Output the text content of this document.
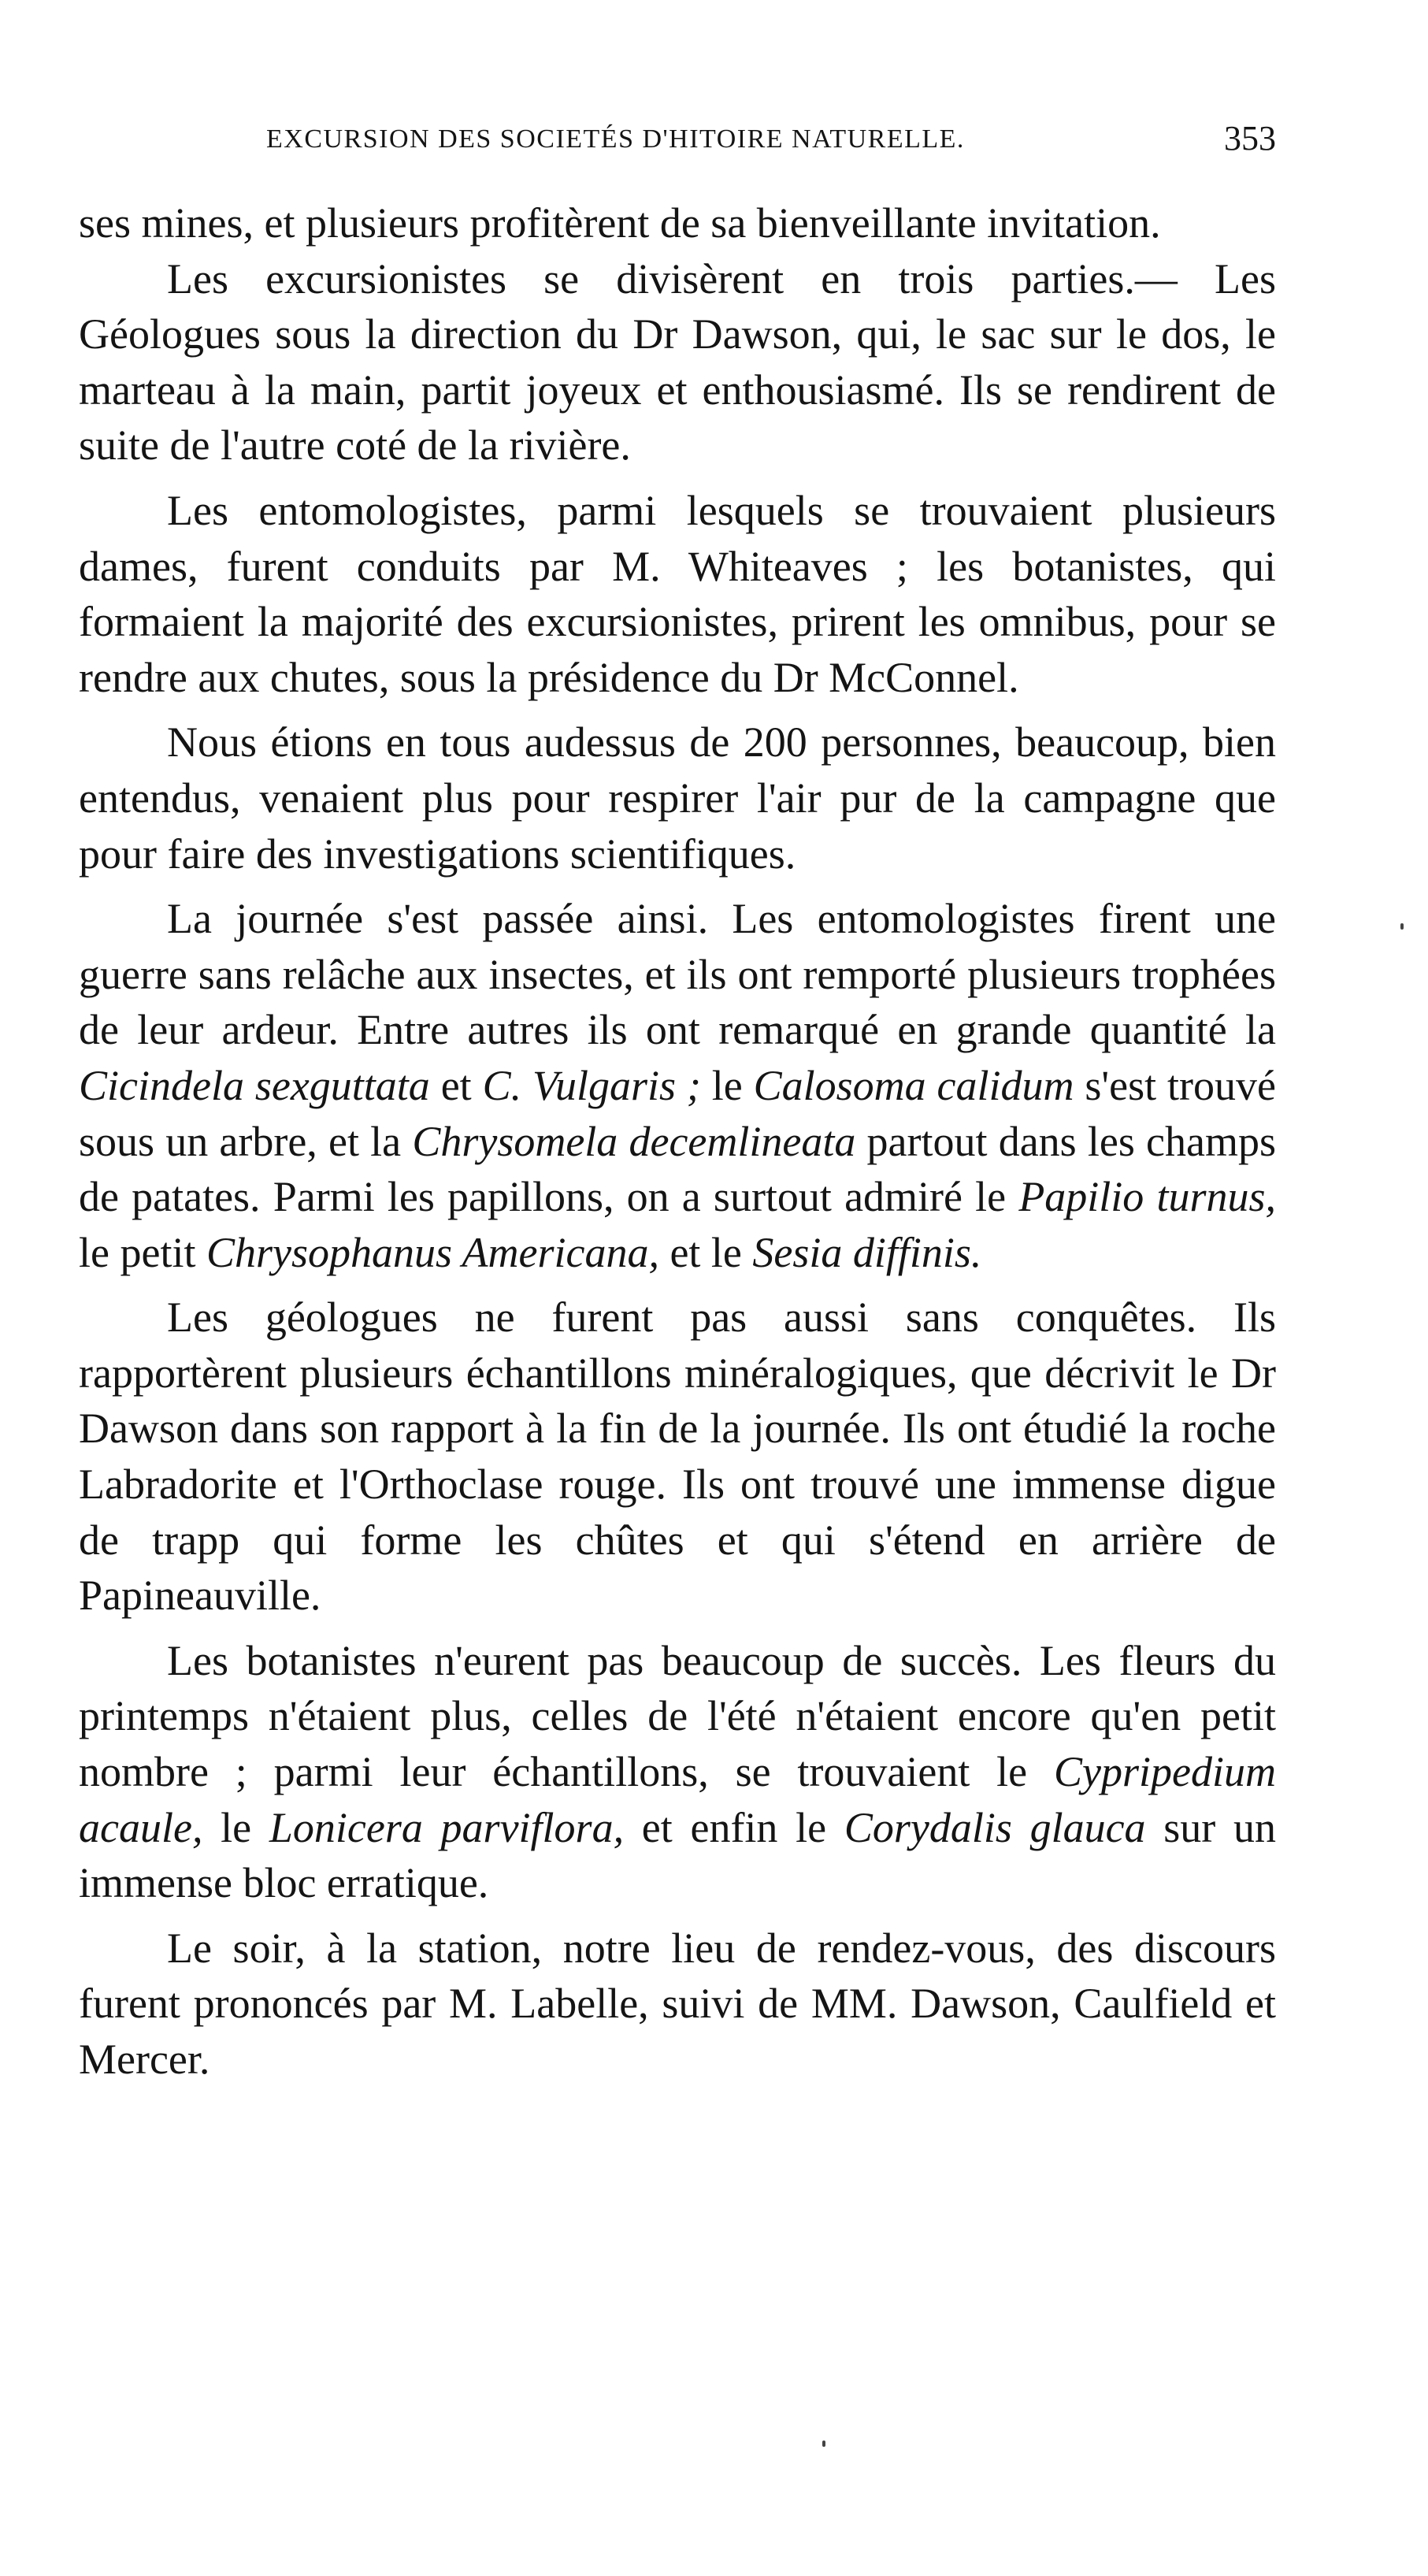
EXCURSION DES SOCIETÉS D'HITOIRE NATURELLE.	353

ses mines, et plusieurs profitèrent de sa bienveillante invitation.

Les excursionistes se divisèrent en trois parties.— Les Géologues sous la direction du Dr Dawson, qui, le sac sur le dos, le marteau à la main, partit joyeux et enthousiasmé. Ils se rendirent de suite de l'autre coté de la rivière.

Les entomologistes, parmi lesquels se trouvaient plusieurs dames, furent conduits par M. Whiteaves ; les botanistes, qui formaient la majorité des excursionistes, prirent les omnibus, pour se rendre aux chutes, sous la présidence du Dr McConnel.

Nous étions en tous audessus de 200 personnes, beaucoup, bien entendus, venaient plus pour respirer l'air pur de la campagne que pour faire des investigations scientifiques.

La journée s'est passée ainsi. Les entomologistes firent une guerre sans relâche aux insectes, et ils ont remporté plusieurs trophées de leur ardeur. Entre autres ils ont remarqué en grande quantité la Cicindela sexguttata et C. Vulgaris ; le Calosoma calidum s'est trouvé sous un arbre, et la Chrysomela decemlineata partout dans les champs de patates. Parmi les papillons, on a surtout admiré le Papilio turnus, le petit Chrysophanus Americana, et le Sesia diffinis.

Les géologues ne furent pas aussi sans conquêtes. Ils rapportèrent plusieurs échantillons minéralogiques, que décrivit le Dr Dawson dans son rapport à la fin de la journée. Ils ont étudié la roche Labradorite et l'Orthoclase rouge. Ils ont trouvé une immense digue de trapp qui forme les chûtes et qui s'étend en arrière de Papineauville.

Les botanistes n'eurent pas beaucoup de succès. Les fleurs du printemps n'étaient plus, celles de l'été n'étaient encore qu'en petit nombre ; parmi leur échantillons, se trouvaient le Cypripedium acaule, le Lonicera parviflora, et enfin le Corydalis glauca sur un immense bloc erratique.

Le soir, à la station, notre lieu de rendez-vous, des discours furent prononcés par M. Labelle, suivi de MM. Dawson, Caulfield et Mercer.
